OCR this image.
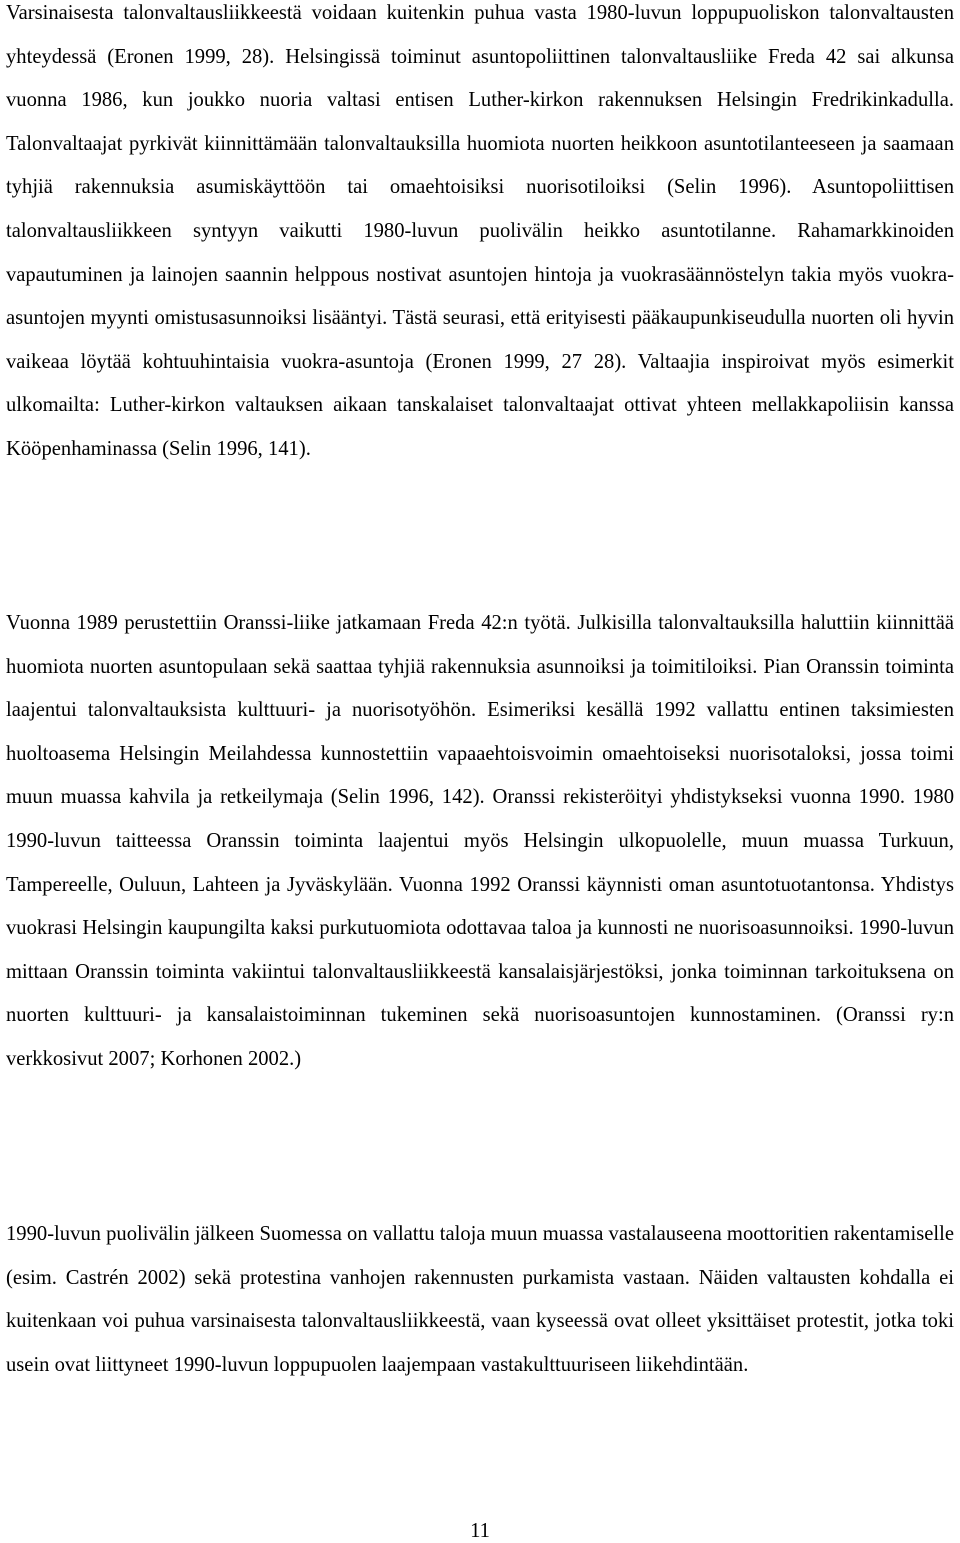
Varsinaisesta talonvaltausliikkeestä voidaan kuitenkin puhua vasta 1980-luvun loppupuoliskon talonvaltausten yhteydessä (Eronen 1999, 28). Helsingissä toiminut asuntopoliittinen talonvaltausliike Freda 42 sai alkunsa vuonna 1986, kun joukko nuoria valtasi entisen Luther-kirkon rakennuksen Helsingin Fredrikinkadulla. Talonvaltaajat pyrkivät kiinnittämään talonvaltauksilla huomiota nuorten heikkoon asuntotilanteeseen ja saamaan tyhjiä rakennuksia asumiskäyttöön tai omaehtoisiksi nuorisotiloiksi (Selin 1996). Asuntopoliittisen talonvaltausliikkeen syntyyn vaikutti 1980-luvun puolivälin heikko asuntotilanne. Rahamarkkinoiden vapautuminen ja lainojen saannin helppous nostivat asuntojen hintoja ja vuokrasäännöstelyn takia myös vuokra-asuntojen myynti omistusasunnoiksi lisääntyi. Tästä seurasi, että erityisesti pääkaupunkiseudulla nuorten oli hyvin vaikeaa löytää kohtuuhintaisia vuokra-asuntoja (Eronen 1999, 27 28). Valtaajia inspiroivat myös esimerkit ulkomailta: Luther-kirkon valtauksen aikaan tanskalaiset talonvaltaajat ottivat yhteen mellakkapoliisin kanssa Kööpenhaminassa (Selin 1996, 141).

Vuonna 1989 perustettiin Oranssi-liike jatkamaan Freda 42:n työtä. Julkisilla talonvaltauksilla haluttiin kiinnittää huomiota nuorten asuntopulaan sekä saattaa tyhjiä rakennuksia asunnoiksi ja toimitiloiksi. Pian Oranssin toiminta laajentui talonvaltauksista kulttuuri- ja nuorisotyöhön. Esimeriksi kesällä 1992 vallattu entinen taksimiesten huoltoasema Helsingin Meilahdessa kunnostettiin vapaaehtoisvoimin omaehtoiseksi nuorisotaloksi, jossa toimi muun muassa kahvila ja retkeilymaja (Selin 1996, 142). Oranssi rekisteröityi yhdistykseksi vuonna 1990. 1980 1990-luvun taitteessa Oranssin toiminta laajentui myös Helsingin ulkopuolelle, muun muassa Turkuun, Tampereelle, Ouluun, Lahteen ja Jyväskylään. Vuonna 1992 Oranssi käynnisti oman asuntotuotantonsa. Yhdistys vuokrasi Helsingin kaupungilta kaksi purkutuomiota odottavaa taloa ja kunnosti ne nuorisoasunnoiksi. 1990-luvun mittaan Oranssin toiminta vakiintui talonvaltausliikkeestä kansalaisjärjestöksi, jonka toiminnan tarkoituksena on nuorten kulttuuri- ja kansalaistoiminnan tukeminen sekä nuorisoasuntojen kunnostaminen. (Oranssi ry:n verkkosivut 2007; Korhonen 2002.)

1990-luvun puolivälin jälkeen Suomessa on vallattu taloja muun muassa vastalauseena moottoritien rakentamiselle (esim. Castrén 2002) sekä protestina vanhojen rakennusten purkamista vastaan. Näiden valtausten kohdalla ei kuitenkaan voi puhua varsinaisesta talonvaltausliikkeestä, vaan kyseessä ovat olleet yksittäiset protestit, jotka toki usein ovat liittyneet 1990-luvun loppupuolen laajempaan vastakulttuuriseen liikehdintään.

11
